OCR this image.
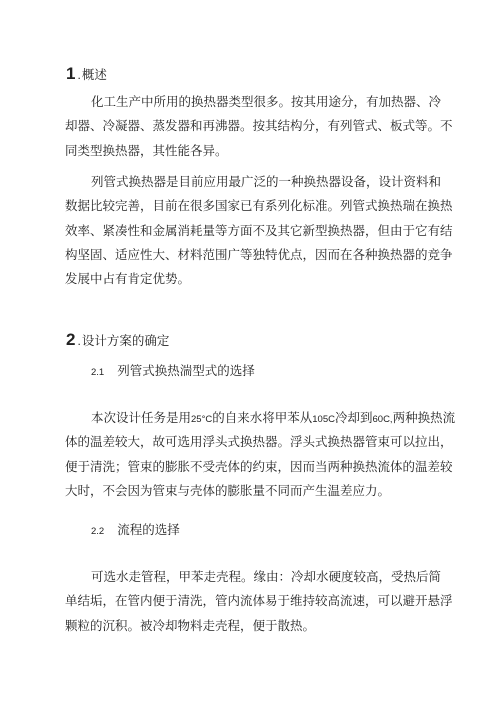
1 .概述
化工生产中所用的换热器类型很多。按其用途分，有加热器、冷
却器、冷凝器、蒸发器和再沸器。按其结构分，有列管式、板式等。不
同类型换热器，其性能各异。
列管式换热器是目前应用最广泛的一种换热器设备，设计资料和
数据比较完善，目前在很多国家已有系列化标准。列管式换热瑞在换热
效率、紧凑性和金属消耗量等方面不及其它新型换热器，但由于它有结
构坚固、适应性大、材料范围广等独特优点，因而在各种换热器的竞争
发展中占有肯定优势。
2 .设计方案的确定
2.1 列管式换热湍型式的选择
本次设计任务是用25°C的自来水将甲苯从105C冷却到60C,两种换热流
体的温差较大，故可选用浮头式换热器。浮头式换热器管束可以拉出，
便于清洗；管束的膨胀不受壳体的约束，因而当两种换热流体的温差较
大时，不会因为管束与壳体的膨胀量不同而产生温差应力。
2.2 流程的选择
可选水走管程，甲苯走壳程。缘由：冷却水硬度较高，受热后简
单结垢，在管内便于清洗，管内流体易于维持较高流速，可以避开悬浮
颗粒的沉积。被冷却物料走壳程，便于散热。
